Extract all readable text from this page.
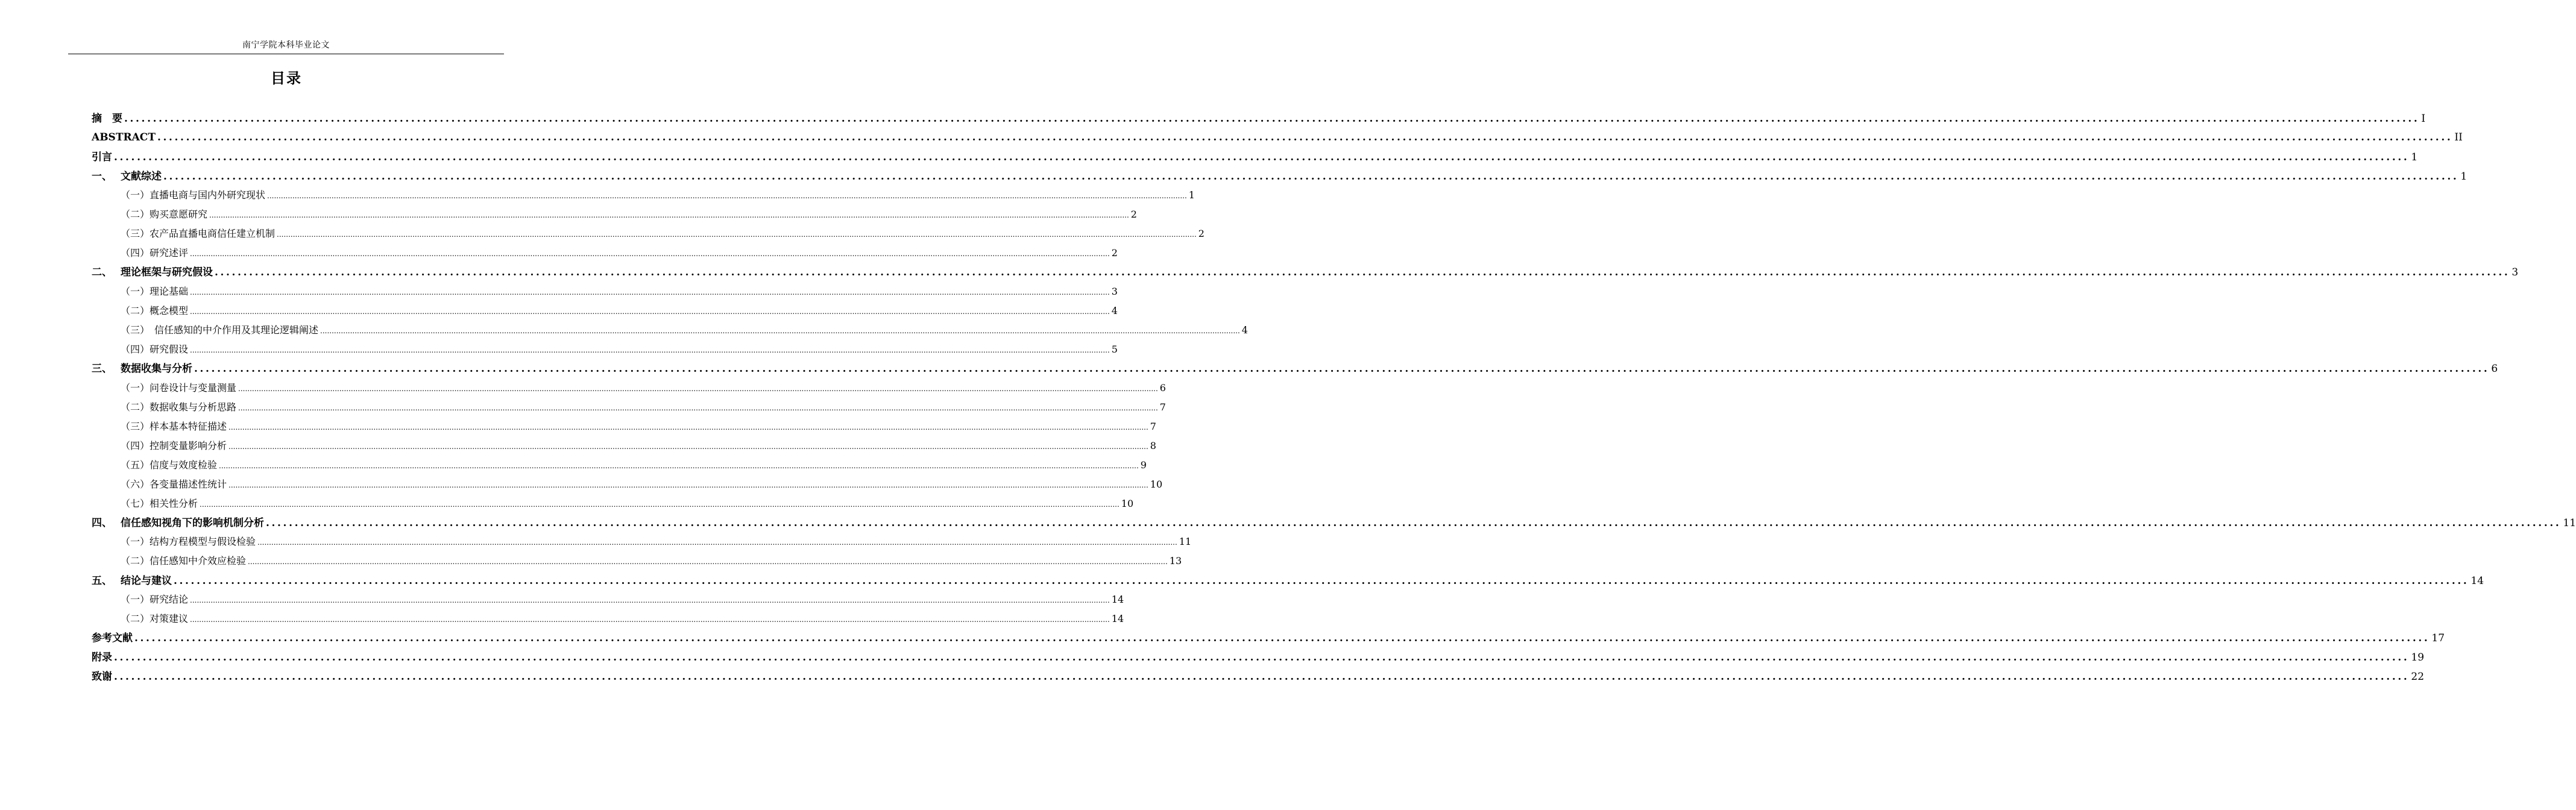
南宁学院本科毕业论文
目录
摘　要 ................................................................................................................................................................................................................................................................................................................................................................................................................ I
ABSTRACT ................................................................................................................................................................................................................................................................................................................................................................................................................ II
引言 ................................................................................................................................................................................................................................................................................................................................................................................................................ 1
一、 文献综述 ................................................................................................................................................................................................................................................................................................................................................................................................................ 1
（一）直播电商与国内外研究现状 ................................................................................................................................................................................................................................................................................................................................................................................................................ 1
（二）购买意愿研究 ................................................................................................................................................................................................................................................................................................................................................................................................................ 2
（三）农产品直播电商信任建立机制 ................................................................................................................................................................................................................................................................................................................................................................................................................ 2
（四）研究述评 ................................................................................................................................................................................................................................................................................................................................................................................................................ 2
二、 理论框架与研究假设 ................................................................................................................................................................................................................................................................................................................................................................................................................ 3
（一）理论基础 ................................................................................................................................................................................................................................................................................................................................................................................................................ 3
（二）概念模型 ................................................................................................................................................................................................................................................................................................................................................................................................................ 4
（三）　信任感知的中介作用及其理论逻辑阐述 ................................................................................................................................................................................................................................................................................................................................................................................................................ 4
（四）研究假设 ................................................................................................................................................................................................................................................................................................................................................................................................................ 5
三、 数据收集与分析 ................................................................................................................................................................................................................................................................................................................................................................................................................ 6
（一）问卷设计与变量测量 ................................................................................................................................................................................................................................................................................................................................................................................................................ 6
（二）数据收集与分析思路 ................................................................................................................................................................................................................................................................................................................................................................................................................ 7
（三）样本基本特征描述 ................................................................................................................................................................................................................................................................................................................................................................................................................ 7
（四）控制变量影响分析 ................................................................................................................................................................................................................................................................................................................................................................................................................ 8
（五）信度与效度检验 ................................................................................................................................................................................................................................................................................................................................................................................................................ 9
（六）各变量描述性统计 ................................................................................................................................................................................................................................................................................................................................................................................................................ 10
（七）相关性分析 ................................................................................................................................................................................................................................................................................................................................................................................................................ 10
四、 信任感知视角下的影响机制分析 ................................................................................................................................................................................................................................................................................................................................................................................................................ 11
（一）结构方程模型与假设检验 ................................................................................................................................................................................................................................................................................................................................................................................................................ 11
（二）信任感知中介效应检验 ................................................................................................................................................................................................................................................................................................................................................................................................................ 13
五、 结论与建议 ................................................................................................................................................................................................................................................................................................................................................................................................................ 14
（一）研究结论 ................................................................................................................................................................................................................................................................................................................................................................................................................ 14
（二）对策建议 ................................................................................................................................................................................................................................................................................................................................................................................................................ 14
参考文献 ................................................................................................................................................................................................................................................................................................................................................................................................................ 17
附录 ................................................................................................................................................................................................................................................................................................................................................................................................................ 19
致谢 ................................................................................................................................................................................................................................................................................................................................................................................................................ 22
